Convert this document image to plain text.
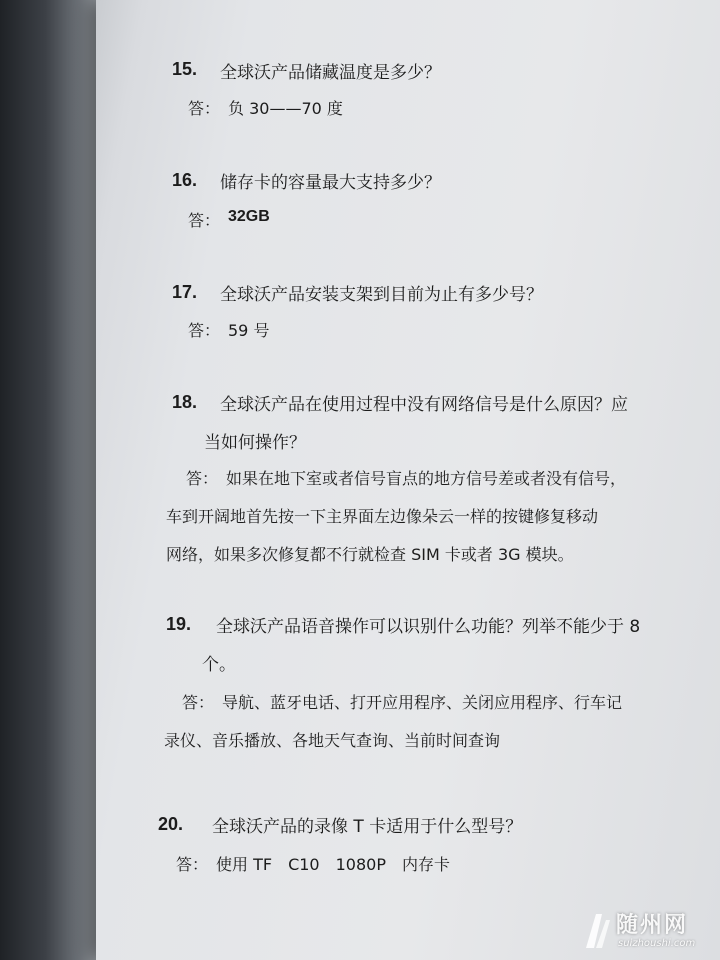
15. 全球沃产品储藏温度是多少？
答： 负 30——70 度
16. 储存卡的容量最大支持多少？
答： 32GB
17. 全球沃产品安装支架到目前为止有多少号？
答： 59 号
18. 全球沃产品在使用过程中没有网络信号是什么原因？应
当如何操作？
答： 如果在地下室或者信号盲点的地方信号差或者没有信号，
车到开阔地首先按一下主界面左边像朵云一样的按键修复移动
网络，如果多次修复都不行就检查 SIM 卡或者 3G 模块。
19. 全球沃产品语音操作可以识别什么功能？列举不能少于 8
个。
答： 导航、蓝牙电话、打开应用程序、关闭应用程序、行车记
录仪、音乐播放、各地天气查询、当前时间查询
20. 全球沃产品的录像 T 卡适用于什么型号？
答： 使用 TF　C10　1080P　内存卡
随州网
suizhoushi.com
